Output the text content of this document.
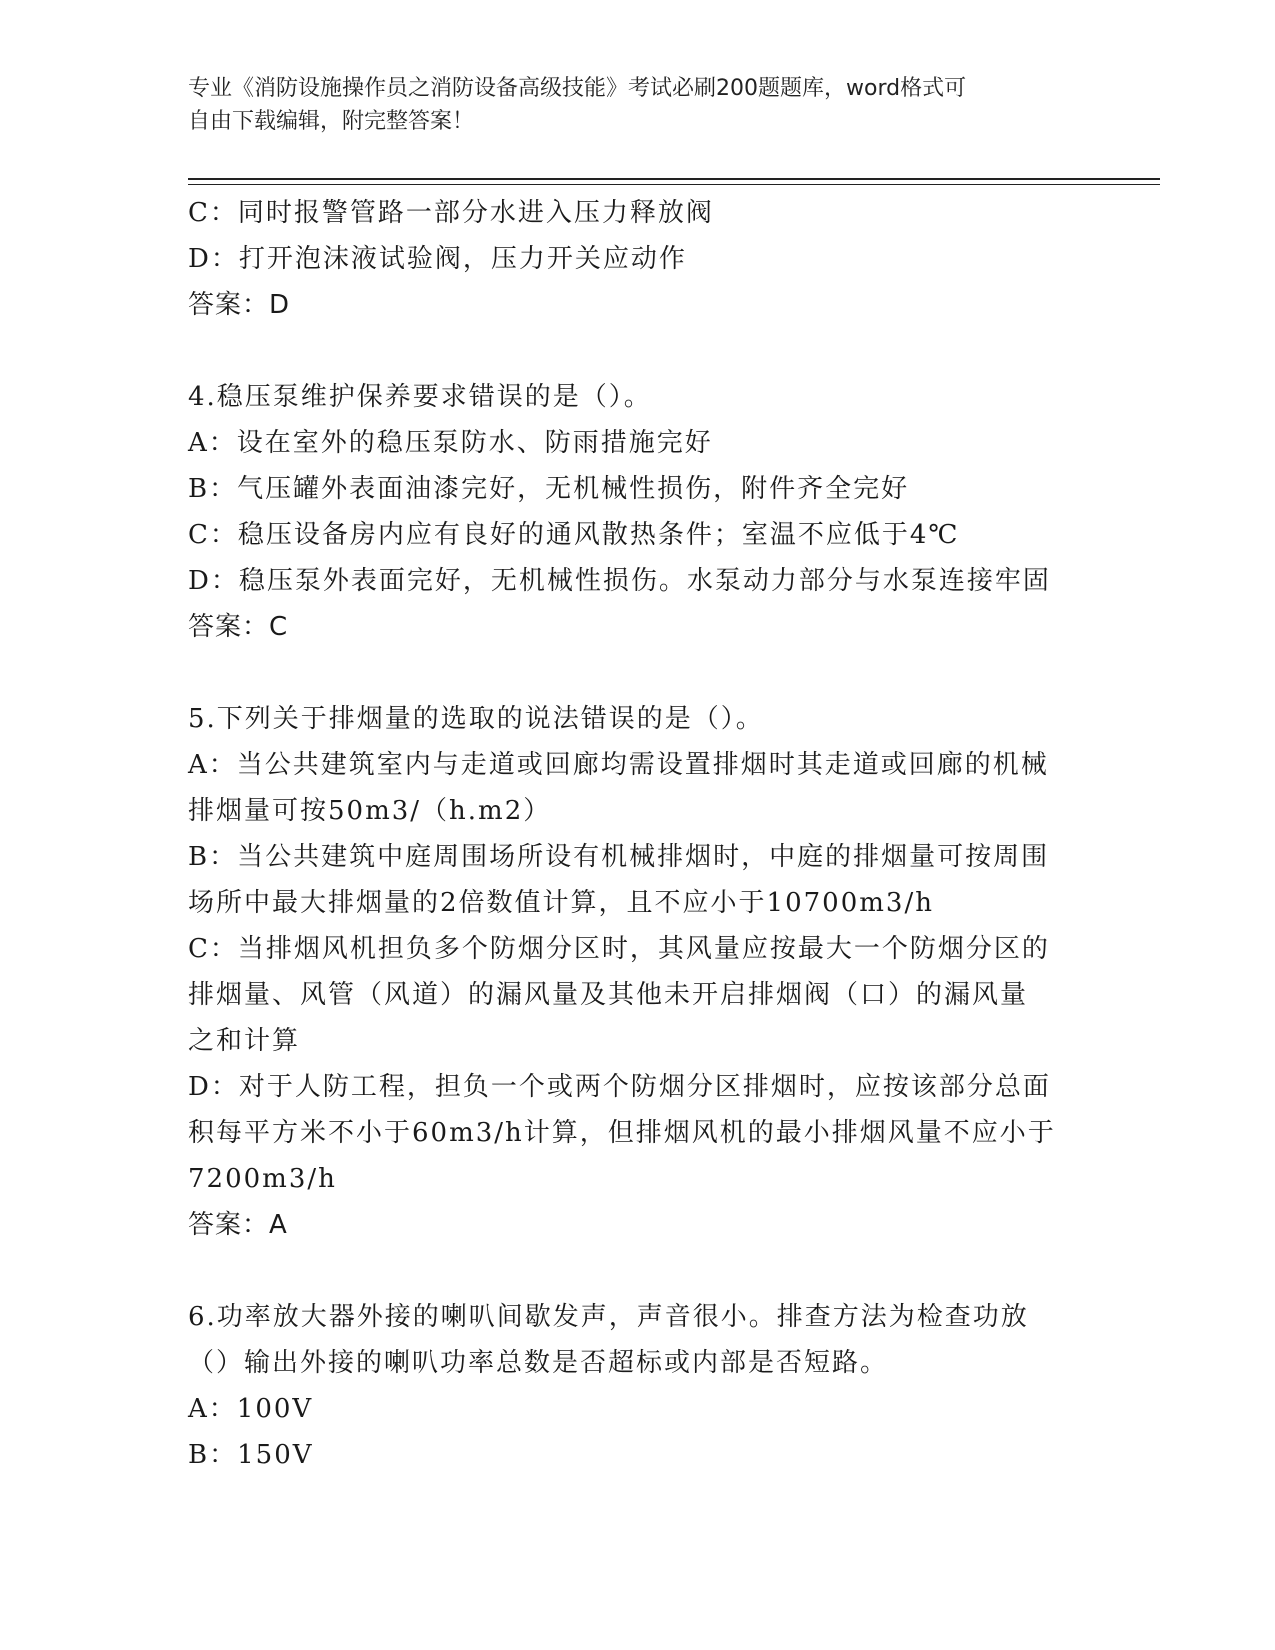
专业《消防设施操作员之消防设备高级技能》考试必刷200题题库，word格式可
自由下载编辑，附完整答案！
C：同时报警管路一部分水进入压力释放阀
D：打开泡沫液试验阀，压力开关应动作
答案：D
4.稳压泵维护保养要求错误的是（）。
A：设在室外的稳压泵防水、防雨措施完好
B：气压罐外表面油漆完好，无机械性损伤，附件齐全完好
C：稳压设备房内应有良好的通风散热条件；室温不应低于4℃
D：稳压泵外表面完好，无机械性损伤。水泵动力部分与水泵连接牢固
答案：C
5.下列关于排烟量的选取的说法错误的是（）。
A：当公共建筑室内与走道或回廊均需设置排烟时其走道或回廊的机械
排烟量可按50m3/（h.m2）
B：当公共建筑中庭周围场所设有机械排烟时，中庭的排烟量可按周围
场所中最大排烟量的2倍数值计算，且不应小于10700m3/h
C：当排烟风机担负多个防烟分区时，其风量应按最大一个防烟分区的
排烟量、风管（风道）的漏风量及其他未开启排烟阀（口）的漏风量
之和计算
D：对于人防工程，担负一个或两个防烟分区排烟时，应按该部分总面
积每平方米不小于60m3/h计算，但排烟风机的最小排烟风量不应小于
7200m3/h
答案：A
6.功率放大器外接的喇叭间歇发声，声音很小。排查方法为检查功放
（）输出外接的喇叭功率总数是否超标或内部是否短路。
A：100V
B：150V
